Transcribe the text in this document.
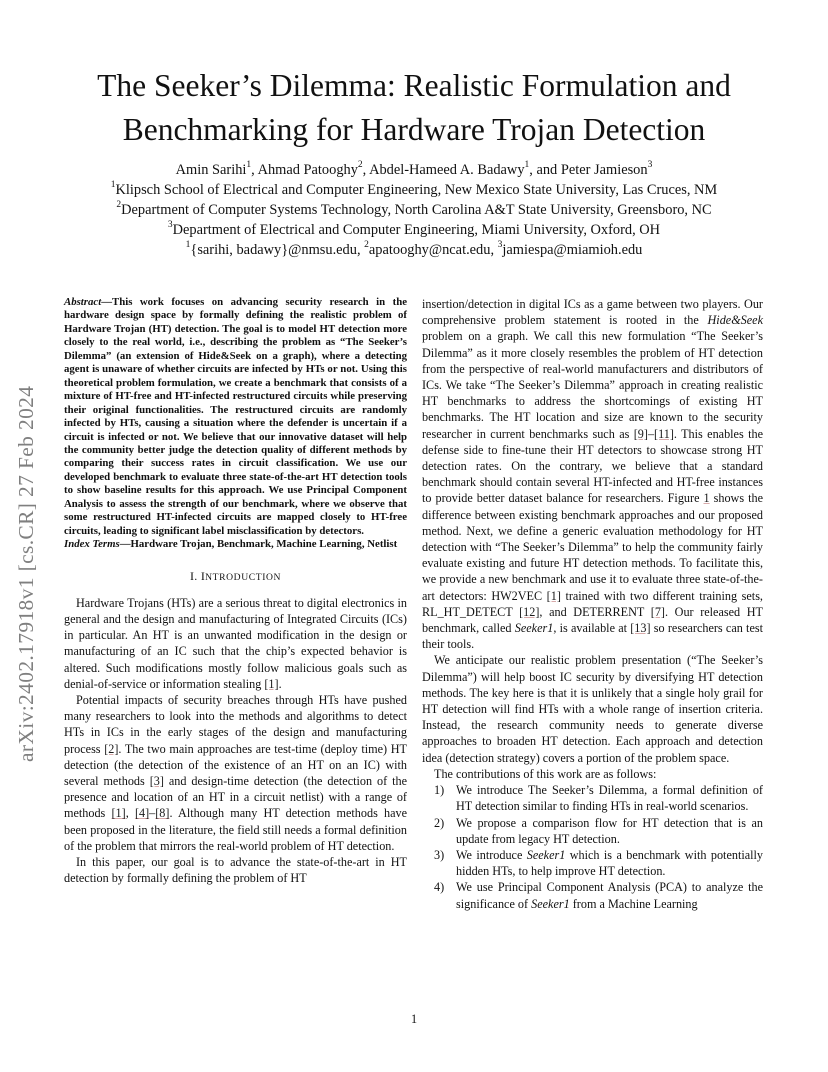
arXiv:2402.17918v1 [cs.CR] 27 Feb 2024
The Seeker’s Dilemma: Realistic Formulation and
Benchmarking for Hardware Trojan Detection
Amin Sarihi$^1$, Ahmad Patooghy$^2$, Abdel-Hameed A. Badawy$^1$, and Peter Jamieson$^3$
$^1$Klipsch School of Electrical and Computer Engineering, New Mexico State University, Las Cruces, NM
$^2$Department of Computer Systems Technology, North Carolina A&T State University, Greensboro, NC
$^3$Department of Electrical and Computer Engineering, Miami University, Oxford, OH
$^1${sarihi, badawy}@nmsu.edu, $^2$apatooghy@ncat.edu, $^3$jamiespa@miamioh.edu

Abstract—This work focuses on advancing security research in the hardware design space by formally defining the realistic problem of Hardware Trojan (HT) detection. The goal is to model HT detection more closely to the real world, i.e., describing the problem as “The Seeker’s Dilemma” (an extension of Hide&Seek on a graph), where a detecting agent is unaware of whether circuits are infected by HTs or not. Using this theoretical problem formulation, we create a benchmark that consists of a mixture of HT-free and HT-infected restructured circuits while preserving their original functionalities. The restructured circuits are randomly infected by HTs, causing a situation where the defender is uncertain if a circuit is infected or not. We believe that our innovative dataset will help the community better judge the detection quality of different methods by comparing their success rates in circuit classification. We use our developed benchmark to evaluate three state-of-the-art HT detection tools to show baseline results for this approach. We use Principal Component Analysis to assess the strength of our benchmark, where we observe that some restructured HT-infected circuits are mapped closely to HT-free circuits, leading to significant label misclassification by detectors.

Index Terms—Hardware Trojan, Benchmark, Machine Learning, Netlist

I. INTRODUCTION

Hardware Trojans (HTs) are a serious threat to digital electronics in general and the design and manufacturing of Integrated Circuits (ICs) in particular. An HT is an unwanted modification in the design or manufacturing of an IC such that the chip’s expected behavior is altered. Such modifications mostly follow malicious goals such as denial-of-service or information stealing [1].

Potential impacts of security breaches through HTs have pushed many researchers to look into the methods and algorithms to detect HTs in ICs in the early stages of the design and manufacturing process [2]. The two main approaches are test-time (deploy time) HT detection (the detection of the existence of an HT on an IC) with several methods [3] and design-time detection (the detection of the presence and location of an HT in a circuit netlist) with a range of methods [1], [4]–[8]. Although many HT detection methods have been proposed in the literature, the field still needs a formal definition of the problem that mirrors the real-world problem of HT detection.

In this paper, our goal is to advance the state-of-the-art in HT detection by formally defining the problem of HT

insertion/detection in digital ICs as a game between two players. Our comprehensive problem statement is rooted in the Hide&Seek problem on a graph. We call this new formulation “The Seeker’s Dilemma” as it more closely resembles the problem of HT detection from the perspective of real-world manufacturers and distributors of ICs. We take “The Seeker’s Dilemma” approach in creating realistic HT benchmarks to address the shortcomings of existing HT benchmarks. The HT location and size are known to the security researcher in current benchmarks such as [9]–[11]. This enables the defense side to fine-tune their HT detectors to showcase strong HT detection rates. On the contrary, we believe that a standard benchmark should contain several HT-infected and HT-free instances to provide better dataset balance for researchers. Figure 1 shows the difference between existing benchmark approaches and our proposed method. Next, we define a generic evaluation methodology for HT detection with “The Seeker’s Dilemma” to help the community fairly evaluate existing and future HT detection methods. To facilitate this, we provide a new benchmark and use it to evaluate three state-of-the-art detectors: HW2VEC [1] trained with two different training sets, RL_HT_DETECT [12], and DETERRENT [7]. Our released HT benchmark, called Seeker1, is available at [13] so researchers can test their tools.

We anticipate our realistic problem presentation (“The Seeker’s Dilemma”) will help boost IC security by diversifying HT detection methods. The key here is that it is unlikely that a single holy grail for HT detection will find HTs with a whole range of insertion criteria. Instead, the research community needs to generate diverse approaches to broaden HT detection. Each approach and detection idea (detection strategy) covers a portion of the problem space.

The contributions of this work are as follows:

1) We introduce The Seeker’s Dilemma, a formal definition of HT detection similar to finding HTs in real-world scenarios.
2) We propose a comparison flow for HT detection that is an update from legacy HT detection.
3) We introduce Seeker1 which is a benchmark with potentially hidden HTs, to help improve HT detection.
4) We use Principal Component Analysis (PCA) to analyze the significance of Seeker1 from a Machine Learning
1
